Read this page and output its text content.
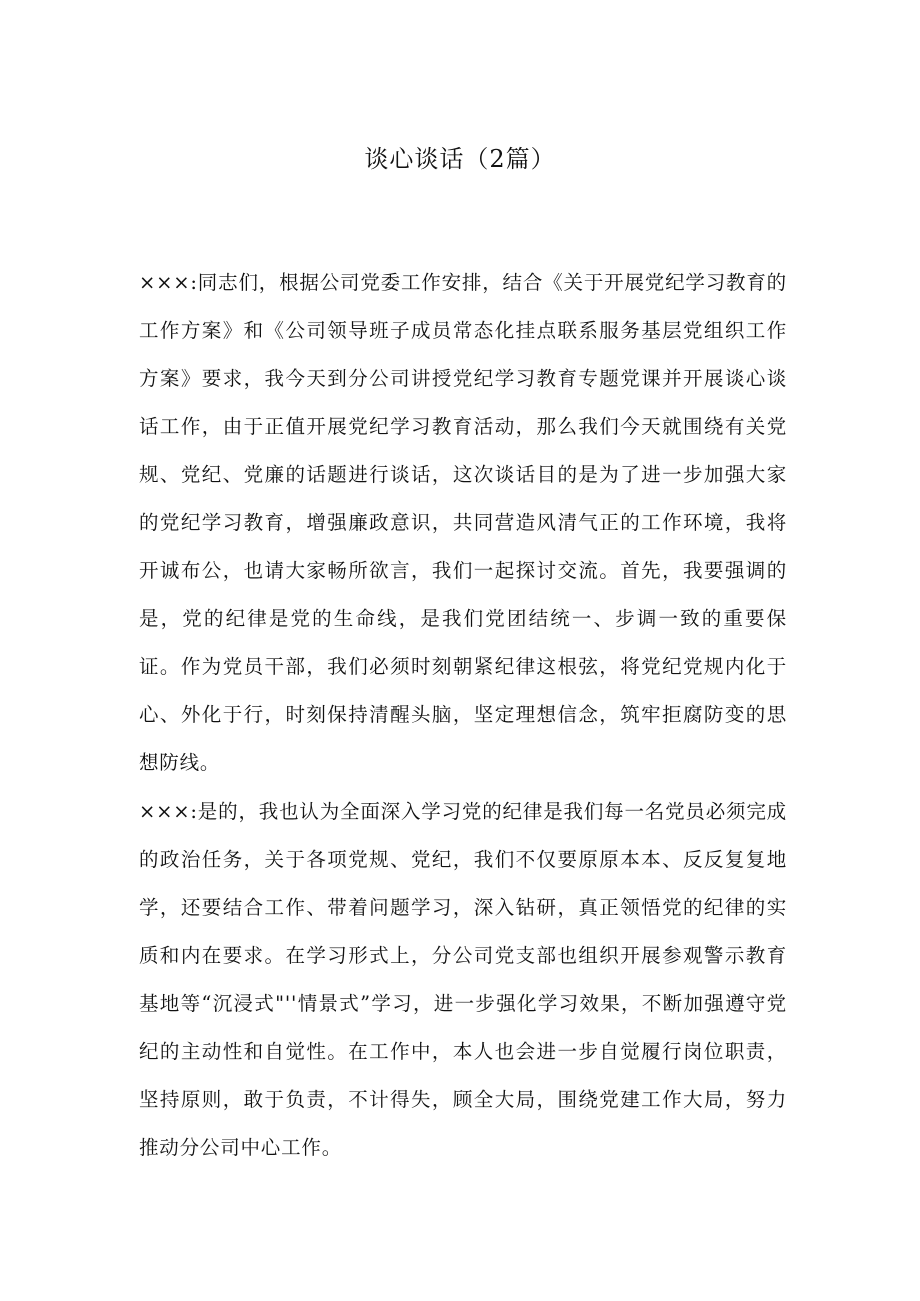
谈心谈话（2篇）

×××:同志们，根据公司党委工作安排，结合《关于开展党纪学习教育的工作方案》和《公司领导班子成员常态化挂点联系服务基层党组织工作方案》要求，我今天到分公司讲授党纪学习教育专题党课并开展谈心谈话工作，由于正值开展党纪学习教育活动，那么我们今天就围绕有关党规、党纪、党廉的话题进行谈话，这次谈话目的是为了进一步加强大家的党纪学习教育，增强廉政意识，共同营造风清气正的工作环境，我将开诚布公，也请大家畅所欲言，我们一起探讨交流。首先，我要强调的是，党的纪律是党的生命线，是我们党团结统一、步调一致的重要保证。作为党员干部，我们必须时刻朝紧纪律这根弦，将党纪党规内化于心、外化于行，时刻保持清醒头脑，坚定理想信念，筑牢拒腐防变的思想防线。

×××:是的，我也认为全面深入学习党的纪律是我们每一名党员必须完成的政治任务，关于各项党规、党纪，我们不仅要原原本本、反反复复地学，还要结合工作、带着问题学习，深入钻研，真正领悟党的纪律的实质和内在要求。在学习形式上，分公司党支部也组织开展参观警示教育基地等“沉浸式"''情景式”学习，进一步强化学习效果，不断加强遵守党纪的主动性和自觉性。在工作中，本人也会进一步自觉履行岗位职责，坚持原则，敢于负责，不计得失，顾全大局，围绕党建工作大局，努力推动分公司中心工作。
